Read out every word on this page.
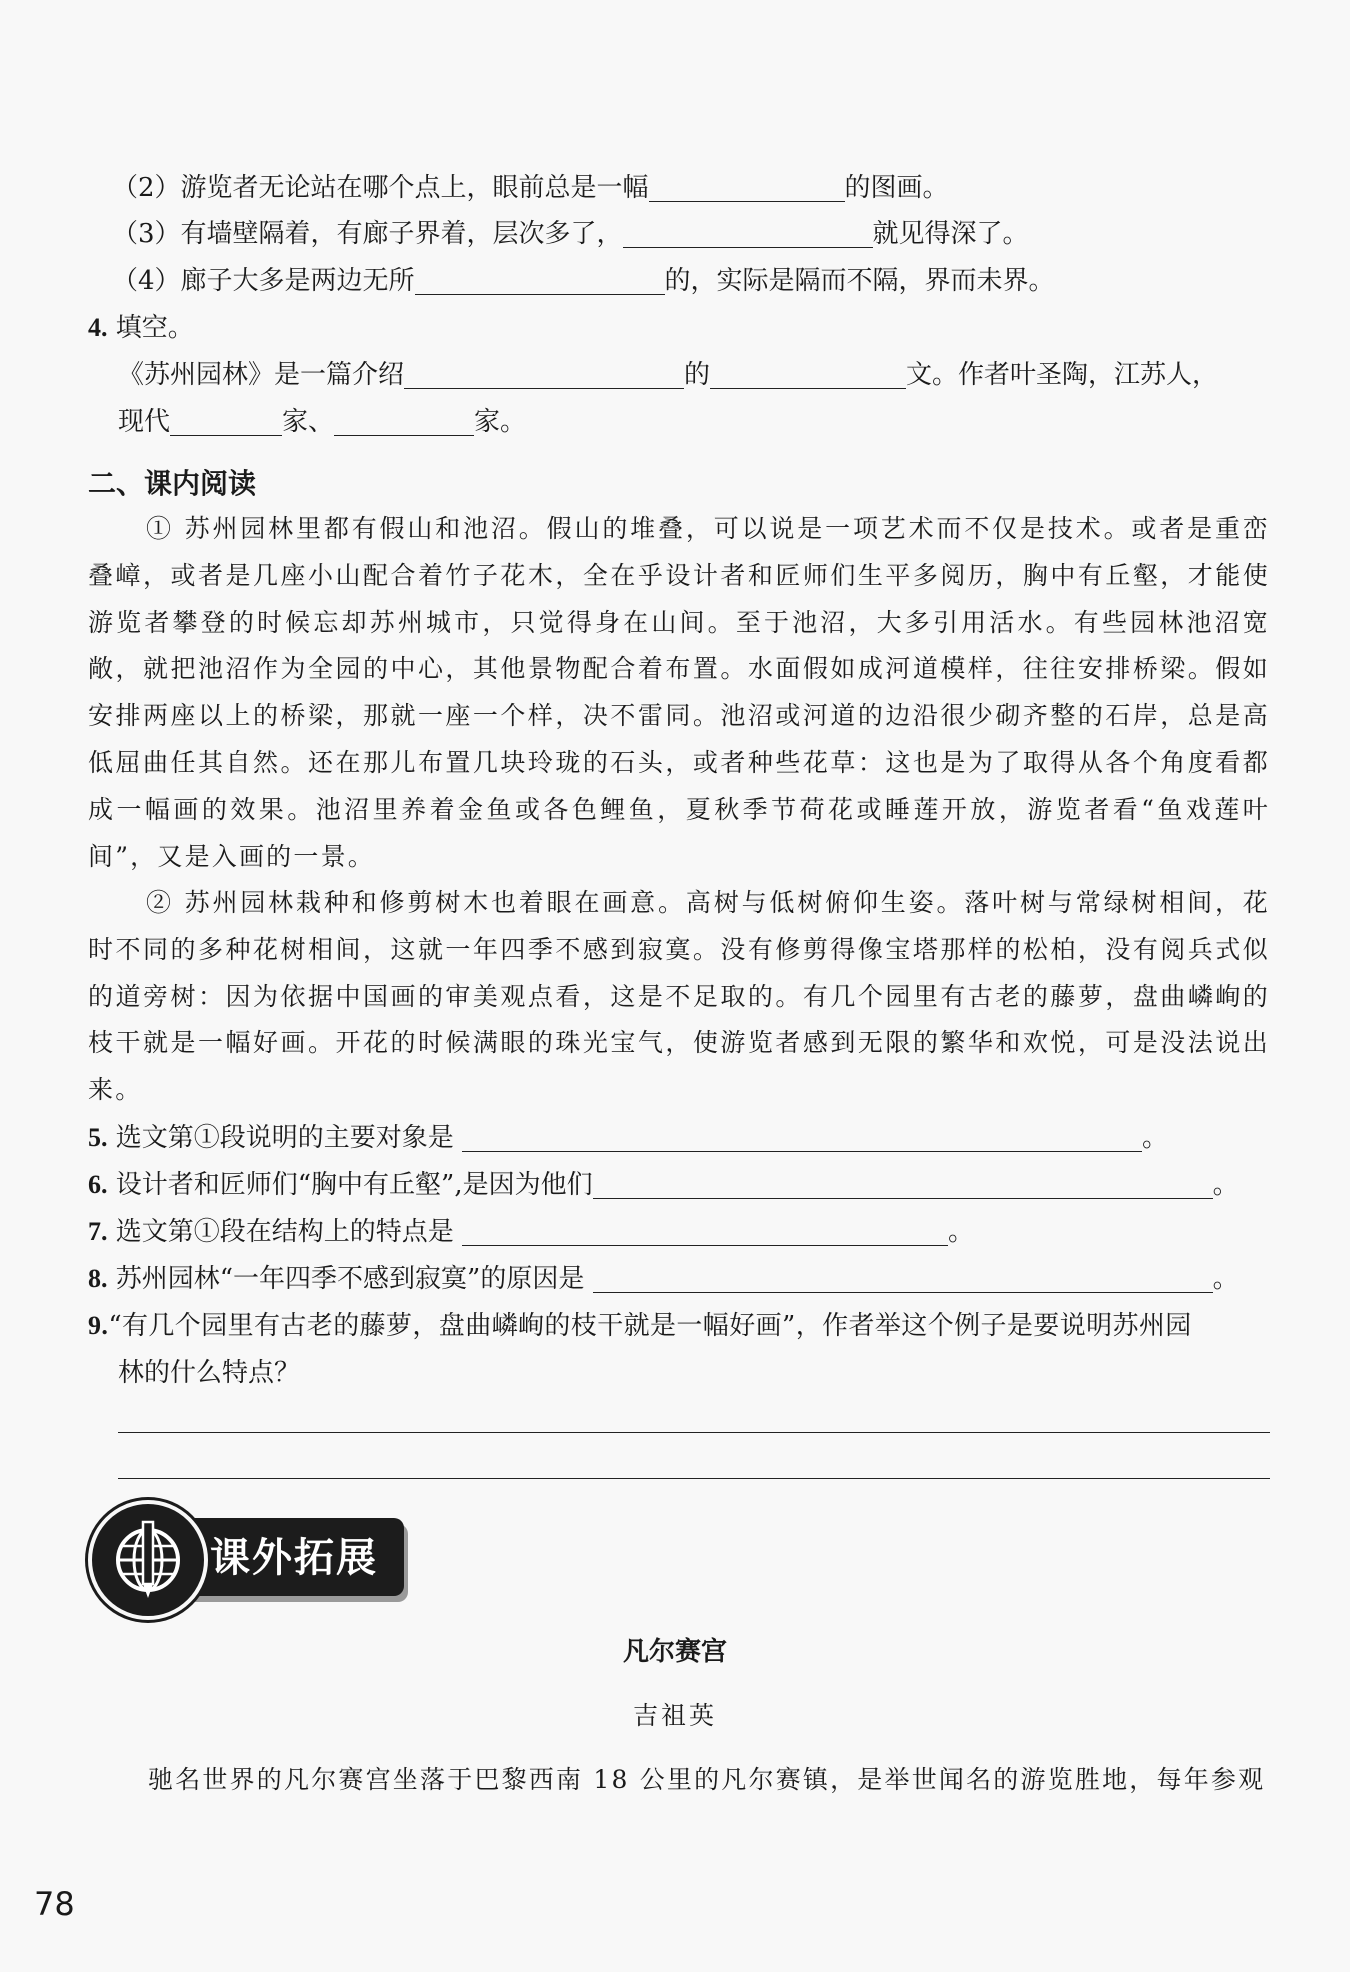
（2）游览者无论站在哪个点上，眼前总是一幅	的图画。
（3）有墙壁隔着，有廊子界着，层次多了，	就见得深了。
（4）廊子大多是两边无所	的，实际是隔而不隔，界而未界。
4. 填空。
《苏州园林》是一篇介绍	的	文。作者叶圣陶，江苏人，
现代	家、	家。
二、课内阅读
① 苏州园林里都有假山和池沼。假山的堆叠，可以说是一项艺术而不仅是技术。或者是重峦叠嶂，或者是几座小山配合着竹子花木，全在乎设计者和匠师们生平多阅历，胸中有丘壑，才能使游览者攀登的时候忘却苏州城市，只觉得身在山间。至于池沼，大多引用活水。有些园林池沼宽敞，就把池沼作为全园的中心，其他景物配合着布置。水面假如成河道模样，往往安排桥梁。假如安排两座以上的桥梁，那就一座一个样，决不雷同。池沼或河道的边沿很少砌齐整的石岸，总是高低屈曲任其自然。还在那儿布置几块玲珑的石头，或者种些花草：这也是为了取得从各个角度看都成一幅画的效果。池沼里养着金鱼或各色鲤鱼，夏秋季节荷花或睡莲开放，游览者看“鱼戏莲叶间”，又是入画的一景。
② 苏州园林栽种和修剪树木也着眼在画意。高树与低树俯仰生姿。落叶树与常绿树相间，花时不同的多种花树相间，这就一年四季不感到寂寞。没有修剪得像宝塔那样的松柏，没有阅兵式似的道旁树：因为依据中国画的审美观点看，这是不足取的。有几个园里有古老的藤萝，盘曲嶙峋的枝干就是一幅好画。开花的时候满眼的珠光宝气，使游览者感到无限的繁华和欢悦，可是没法说出来。
5. 选文第①段说明的主要对象是	。
6. 设计者和匠师们“胸中有丘壑”,是因为他们	。
7. 选文第①段在结构上的特点是	。
8. 苏州园林“一年四季不感到寂寞”的原因是	。
9.“有几个园里有古老的藤萝，盘曲嶙峋的枝干就是一幅好画”，作者举这个例子是要说明苏州园
林的什么特点？
课外拓展
凡尔赛宫
吉祖英
驰名世界的凡尔赛宫坐落于巴黎西南 18 公里的凡尔赛镇，是举世闻名的游览胜地，每年参观
78
